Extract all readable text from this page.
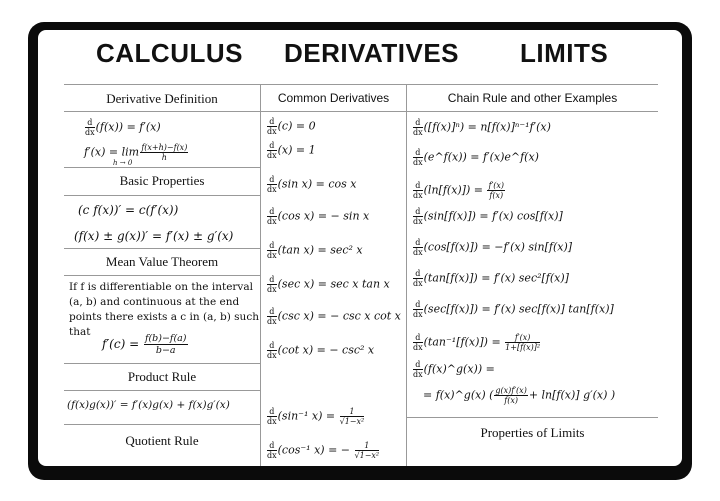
CALCULUS DERIVATIVES LIMITS
Derivative Definition
$\frac{d}{dx} (f(x)) = f'(x)$
$f'(x) = \lim_{h \to 0}$
$\frac{f(x+h)-f(x)}{h}$
Basic Properties
(c f(x))′ = c(f′(x))
(f(x) ± g(x))′ = f′(x) ± g′(x)
Mean Value Theorem
If f is differentiable on the interval (a, b) and continuous at the end points there exists a c in (a, b) such that
$f'(c) = \frac{f(b)-f(a)}{b-a}$
Product Rule
(f(x)g(x))′ = f′(x)g(x) + f(x)g′(x)
Quotient Rule
Common Derivatives
$\frac{d}{dx} (c) = 0$
$\frac{d}{dx} (x) = 1$
$\frac{d}{dx} (\sin$ x) = cos x
$\frac{d}{dx} (\cos$ x) = − sin x
$\frac{d}{dx} (\tan$ x) = sec² x
$\frac{d}{dx} (\sec$ x) = sec x tan x
$\frac{d}{dx} (\csc$ x) = − csc x cot x
$\frac{d}{dx} (\cot$ x) = − csc² x
$\frac{d}{dx} (\sin^{-1}$ $x) = \frac{1}{\text{√1−x²}}$
$\frac{d}{dx} (\cos^{-1}$ x) = − $\frac{1}{\text{√1−x²}}$
Chain Rule and other Examples
$\frac{d}{dx} ([f(x)]^n) = n[f(x)]^{n-1}f'(x)$
$\frac{d}{dx}$ (e^f(x)) = f′(x)e^f(x)
$\frac{d}{dx} (\ln[f(x)]) = \frac{f'(x)}{f(x)}$
$\frac{d}{dx} (\sin[f(x)]) = f'(x)$ cos[f(x)]
$\frac{d}{dx} (\cos[f(x)]) = -f'(x)$ sin[f(x)]
$\frac{d}{dx} (\tan[f(x)]) = f'(x)$ sec²[f(x)]
$\frac{d}{dx} (\sec[f(x)]) = f'(x)$ sec[f(x)] tan[f(x)]
$\frac{d}{dx} (\tan^{-1}[f(x)]) = \frac{f'(x)}{\text{1+[f(x)]²}}$
$\frac{d}{dx}$ (f(x)^g(x)) =
= f(x)^g(x) ( $\frac{g(x)f'(x)}{f(x)} + \ln[f(x)]$ g′(x) )
Properties of Limits
